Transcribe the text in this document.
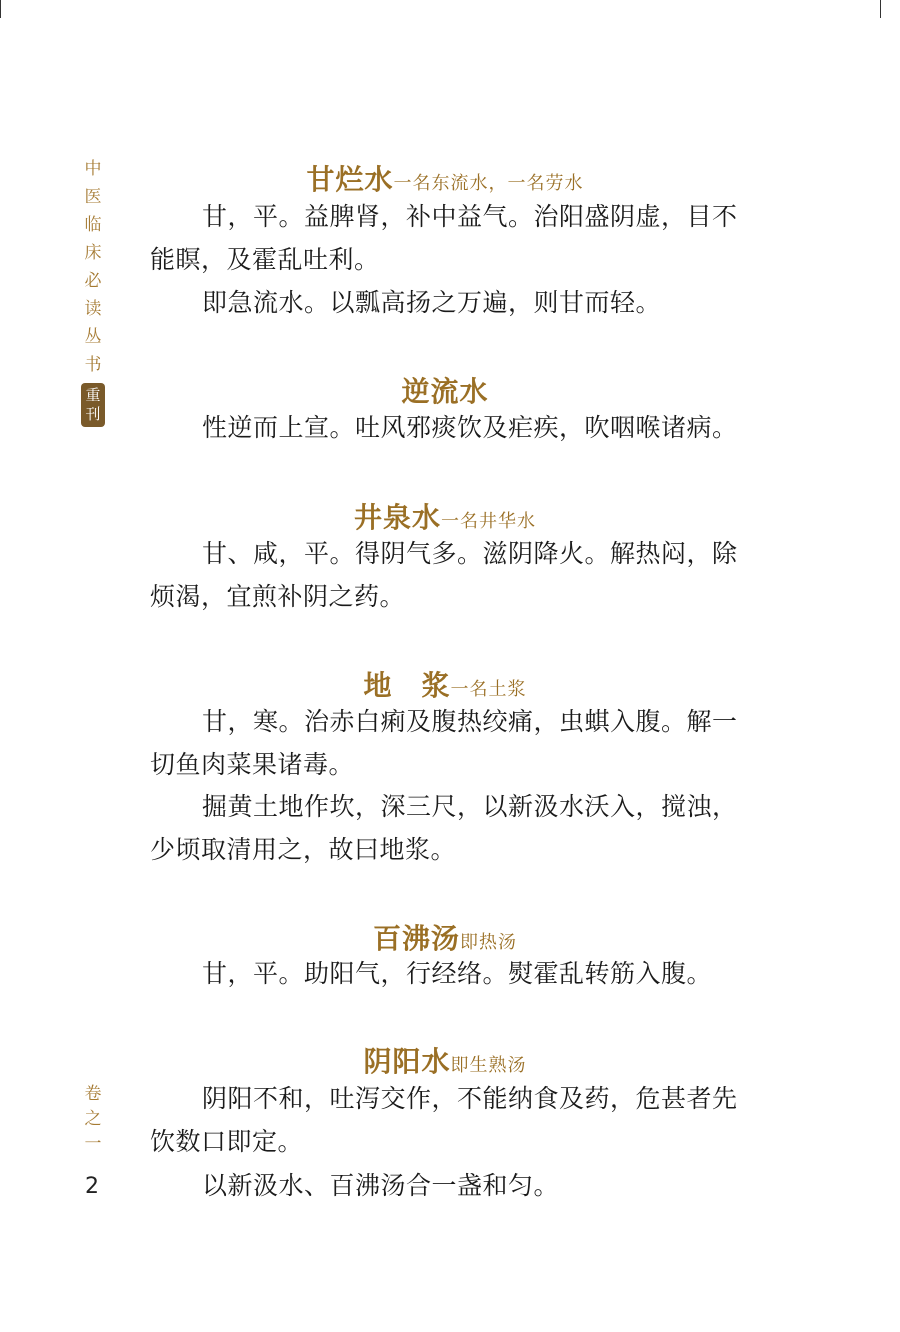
中
医
临
床
必
读
丛
书
重
刊
卷
之
一
2
甘烂水一名东流水，一名劳水

甘，平。益脾肾，补中益气。治阳盛阴虚，目不能瞑，及霍乱吐利。

即急流水。以瓢高扬之万遍，则甘而轻。

逆流水

性逆而上宣。吐风邪痰饮及疟疾，吹咽喉诸病。

井泉水一名井华水

甘、咸，平。得阴气多。滋阴降火。解热闷，除烦渴，宜煎补阴之药。

地　浆一名土浆

甘，寒。治赤白痢及腹热绞痛，虫蜞入腹。解一切鱼肉菜果诸毒。

掘黄土地作坎，深三尺，以新汲水沃入，搅浊，少顷取清用之，故曰地浆。

百沸汤即热汤

甘，平。助阳气，行经络。熨霍乱转筋入腹。

阴阳水即生熟汤

阴阳不和，吐泻交作，不能纳食及药，危甚者先饮数口即定。

以新汲水、百沸汤合一盏和匀。
